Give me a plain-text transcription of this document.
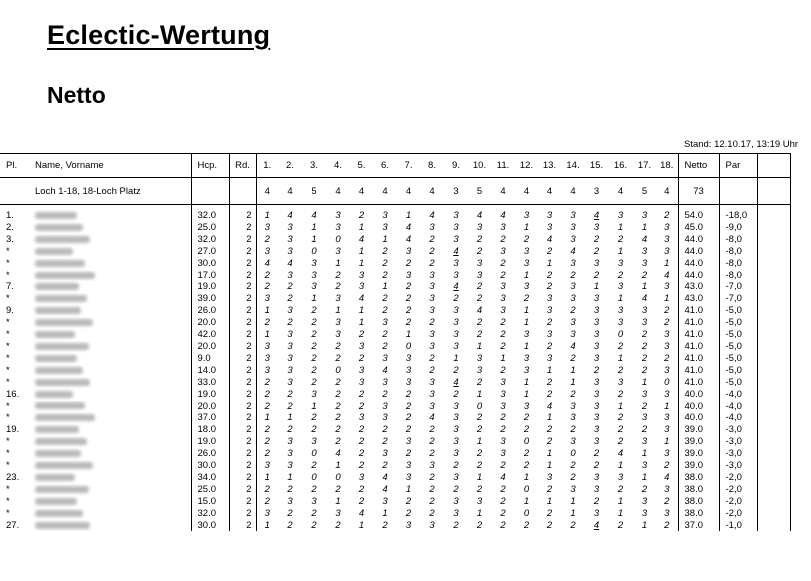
Eclectic-Wertung
Netto
Stand: 12.10.17, 13:19 Uhr
Pl.	Name, Vorname	Hcp.	Rd.	1.	2.	3.	4.	5.	6.	7.	8.	9.	10.	11.	12.	13.	14.	15.	16.	17.	18.	Netto	Par	
	Loch 1-18, 18-Loch Platz			4	4	5	4	4	4	4	4	3	5	4	4	4	4	3	4	5	4	73		

1.		32.0	2	1	4	4	3	2	3	1	4	3	4	4	3	3	3	4	3	3	2	54.0	-18,0	
2.		25.0	2	3	3	1	3	1	3	4	3	3	3	3	1	3	3	3	1	1	3	45.0	-9,0	
3.		32.0	2	2	3	1	0	4	1	4	2	3	2	2	2	4	3	2	2	4	3	44.0	-8,0	
*		27.0	2	3	3	0	3	1	2	3	2	4	2	3	3	2	4	2	1	3	3	44.0	-8,0	
*		30.0	2	4	4	3	1	1	2	2	2	3	3	2	3	1	3	3	3	3	1	44.0	-8,0	
*		17.0	2	2	3	3	2	3	2	3	3	3	3	2	1	2	2	2	2	2	4	44.0	-8,0	
7.		19.0	2	2	2	3	2	3	1	2	3	4	2	3	3	2	3	1	3	1	3	43.0	-7,0	
*		39.0	2	3	2	1	3	4	2	2	3	2	2	3	2	3	3	3	1	4	1	43.0	-7,0	
9.		26.0	2	1	3	2	1	1	2	2	3	3	4	3	1	3	2	3	3	3	2	41.0	-5,0	
*		20.0	2	2	2	2	3	1	3	2	2	3	2	2	1	2	3	3	3	3	2	41.0	-5,0	
*		42.0	2	1	3	2	3	2	2	1	3	3	2	2	3	3	3	3	0	2	3	41.0	-5,0	
*		20.0	2	3	3	2	2	3	2	0	3	3	1	2	1	2	4	3	2	2	3	41.0	-5,0	
*		9.0	2	3	3	2	2	2	3	3	2	1	3	1	3	3	2	3	1	2	2	41.0	-5,0	
*		14.0	2	3	3	2	0	3	4	3	2	2	3	2	3	1	1	2	2	2	3	41.0	-5,0	
*		33.0	2	2	3	2	2	3	3	3	3	4	2	3	1	2	1	3	3	1	0	41.0	-5,0	
16.		19.0	2	2	2	3	2	2	2	2	3	2	1	3	1	2	2	3	2	3	3	40.0	-4,0	
*		20.0	2	2	2	1	2	2	3	2	3	3	0	3	3	4	3	3	1	2	1	40.0	-4,0	
*		37.0	2	1	1	2	2	3	3	2	4	3	2	2	2	1	3	3	2	3	3	40.0	-4,0	
19.		18.0	2	2	2	2	2	2	2	2	2	3	2	2	2	2	2	3	2	2	3	39.0	-3,0	
*		19.0	2	2	3	3	2	2	2	3	2	3	1	3	0	2	3	3	2	3	1	39.0	-3,0	
*		26.0	2	2	3	0	4	2	3	2	2	3	2	3	2	1	0	2	4	1	3	39.0	-3,0	
*		30.0	2	3	3	2	1	2	2	3	3	2	2	2	2	1	2	2	1	3	2	39.0	-3,0	
23.		34.0	2	1	1	0	0	3	4	3	2	3	1	4	1	3	2	3	3	1	4	38.0	-2,0	
*		25.0	2	2	2	2	2	2	4	1	2	2	2	2	0	2	3	3	2	2	3	38.0	-2,0	
*		15.0	2	2	3	3	1	2	3	2	2	3	3	2	1	1	1	2	1	3	2	38.0	-2,0	
*		32.0	2	3	2	2	3	4	1	2	2	3	1	2	0	2	1	3	1	3	3	38.0	-2,0	
27.		30.0	2	1	2	2	2	1	2	3	3	2	2	2	2	2	2	4	2	1	2	37.0	-1,0	
